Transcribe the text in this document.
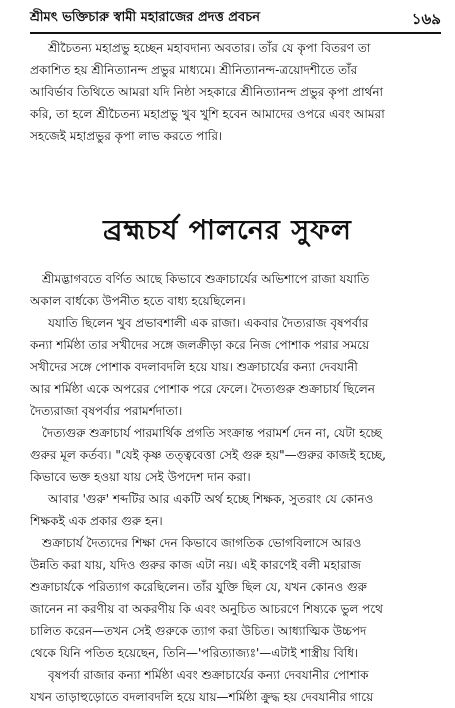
শ্রীমৎ ভক্তিচারু স্বামী মহারাজের প্রদত্ত প্রবচন	১৬৯

শ্রীচৈতন্য মহাপ্রভু হচ্ছেন মহাবদান্য অবতার। তাঁর যে কৃপা বিতরণ তা
প্রকাশিত হয় শ্রীনিত্যানন্দ প্রভুর মাধ্যমে। শ্রীনিত্যানন্দ-ত্রয়োদশীতে তাঁর
আবির্ভাব তিথিতে আমরা যদি নিষ্ঠা সহকারে শ্রীনিত্যানন্দ প্রভুর কৃপা প্রার্থনা
করি, তা হলে শ্রীচৈতন্য মহাপ্রভু খুব খুশি হবেন আমাদের ওপরে এবং আমরা
সহজেই মহাপ্রভুর কৃপা লাভ করতে পারি।

ব্রহ্মচর্য পালনের সুফল

শ্রীমদ্ভাগবতে বর্ণিত আছে কিভাবে শুক্রাচার্যের অভিশাপে রাজা যযাতি
অকাল বার্ধক্যে উপনীত হতে বাধ্য হয়েছিলেন।
যযাতি ছিলেন খুব প্রভাবশালী এক রাজা। একবার দৈত্যরাজ বৃষপর্বার
কন্যা শর্মিষ্ঠা তার সখীদের সঙ্গে জলক্রীড়া করে নিজ পোশাক পরার সময়ে
সখীদের সঙ্গে পোশাক বদলাবদলি হয়ে যায়। শুক্রাচার্যের কন্যা দেবযানী
আর শর্মিষ্ঠা একে অপরের পোশাক পরে ফেলে। দৈত্যগুরু শুক্রাচার্য ছিলেন
দৈত্যরাজা বৃষপর্বার পরামর্শদাতা।
দৈত্যগুরু শুক্রাচার্য পারমার্থিক প্রগতি সংক্রান্ত পরামর্শ দেন না, যেটা হচ্ছে
গুরুর মূল কর্তব্য। "যেই কৃষ্ণ তত্ত্ববেত্তা সেই গুরু হয়"—গুরুর কাজই হচ্ছে,
কিভাবে ভক্ত হওয়া যায় সেই উপদেশ দান করা।
আবার 'গুরু' শব্দটির আর একটি অর্থ হচ্ছে শিক্ষক, সুতরাং যে কোনও
শিক্ষকই এক প্রকার গুরু হন।
শুক্রাচার্য দৈত্যদের শিক্ষা দেন কিভাবে জাগতিক ভোগবিলাসে আরও
উন্নতি করা যায়, যদিও গুরুর কাজ এটা নয়। এই কারণেই বলী মহারাজ
শুক্রাচার্যকে পরিত্যাগ করেছিলেন। তাঁর যুক্তি ছিল যে, যখন কোনও গুরু
জানেন না করণীয় বা অকরণীয় কি এবং অনুচিত আচরণে শিষ্যকে ভুল পথে
চালিত করেন—তখন সেই গুরুকে ত্যাগ করা উচিত। আধ্যাত্মিক উচ্চপদ
থেকে যিনি পতিত হয়েছেন, তিনি—'পরিত্যাজ্যঃ'—এটাই শাস্ত্রীয় বিধি।
বৃষপর্বা রাজার কন্যা শর্মিষ্ঠা এবং শুক্রাচার্যের কন্যা দেবযানীর পোশাক
যখন তাড়াহুড়োতে বদলাবদলি হয়ে যায়—শর্মিষ্ঠা ক্রুদ্ধ হয় দেবযানীর গায়ে
